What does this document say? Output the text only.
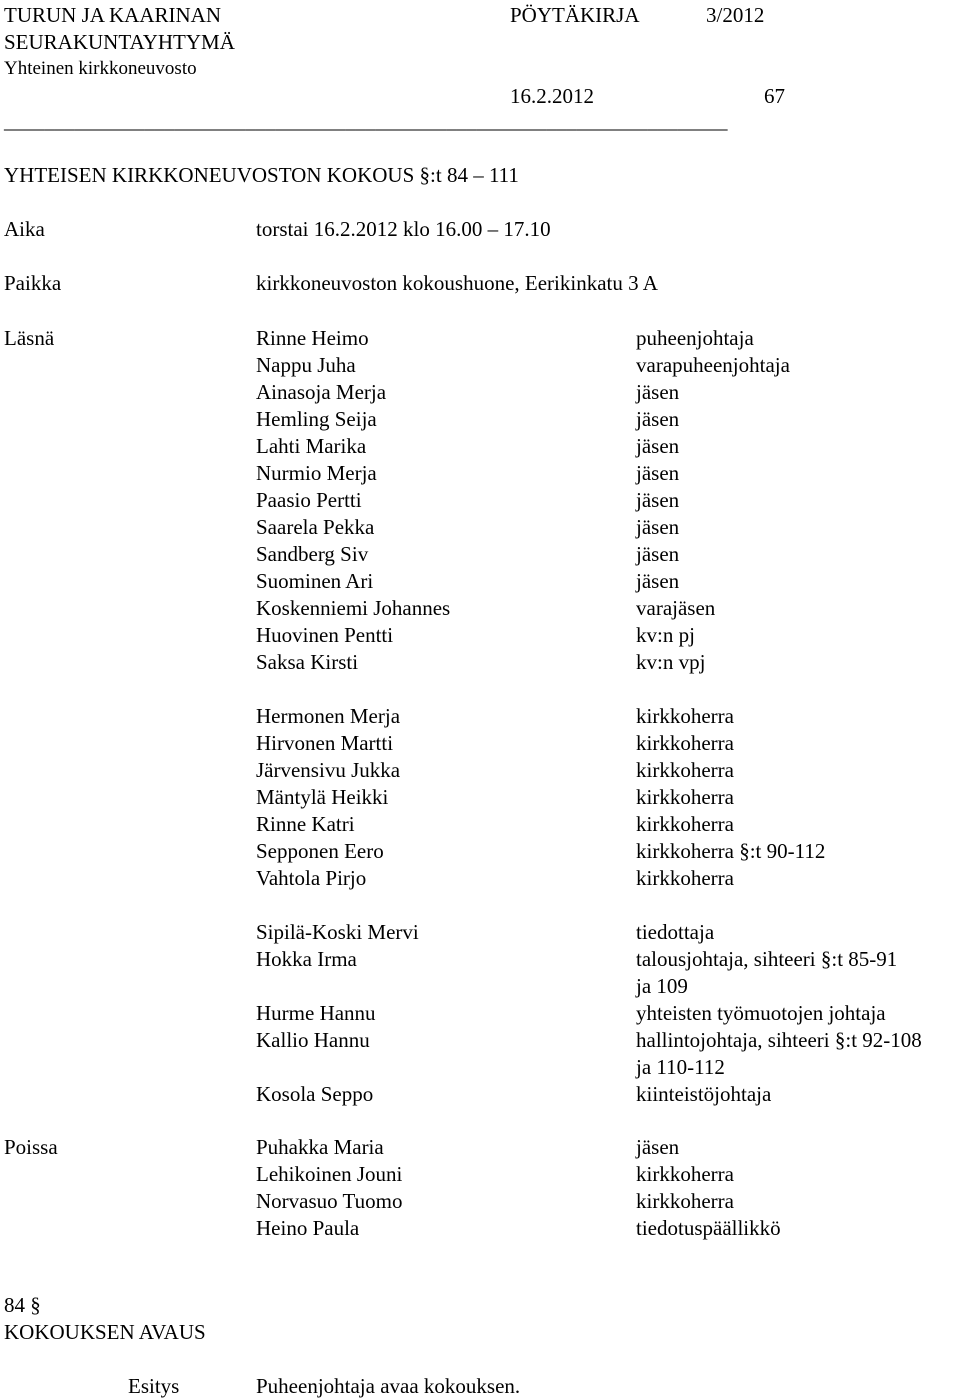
TURUN JA KAARINAN
SEURAKUNTAYHTYMÄ
Yhteinen kirkkoneuvosto
PÖYTÄKIRJA	3/2012
16.2.2012	67
________________________________________________________________________
YHTEISEN KIRKKONEUVOSTON KOKOUS §:t 84 – 111
Aika	torstai 16.2.2012 klo 16.00 – 17.10
Paikka	kirkkoneuvoston kokoushuone, Eerikinkatu 3 A
Läsnä	Rinne Heimo	puheenjohtaja
Nappu Juha	varapuheenjohtaja
Ainasoja Merja	jäsen
Hemling Seija	jäsen
Lahti Marika	jäsen
Nurmio Merja	jäsen
Paasio Pertti	jäsen
Saarela Pekka	jäsen
Sandberg Siv	jäsen
Suominen Ari	jäsen
Koskenniemi Johannes	varajäsen
Huovinen Pentti	kv:n pj
Saksa Kirsti	kv:n vpj
Hermonen Merja	kirkkoherra
Hirvonen Martti	kirkkoherra
Järvensivu Jukka	kirkkoherra
Mäntylä Heikki	kirkkoherra
Rinne Katri	kirkkoherra
Sepponen Eero	kirkkoherra §:t 90-112
Vahtola Pirjo	kirkkoherra
Sipilä-Koski Mervi	tiedottaja
Hokka Irma	talousjohtaja, sihteeri §:t 85-91
ja 109
Hurme Hannu	yhteisten työmuotojen johtaja
Kallio Hannu	hallintojohtaja, sihteeri §:t 92-108
ja 110-112
Kosola Seppo	kiinteistöjohtaja
Poissa	Puhakka Maria	jäsen
Lehikoinen Jouni	kirkkoherra
Norvasuo Tuomo	kirkkoherra
Heino Paula	tiedotuspäällikkö
84 §
KOKOUKSEN AVAUS
Esitys	Puheenjohtaja avaa kokouksen.
